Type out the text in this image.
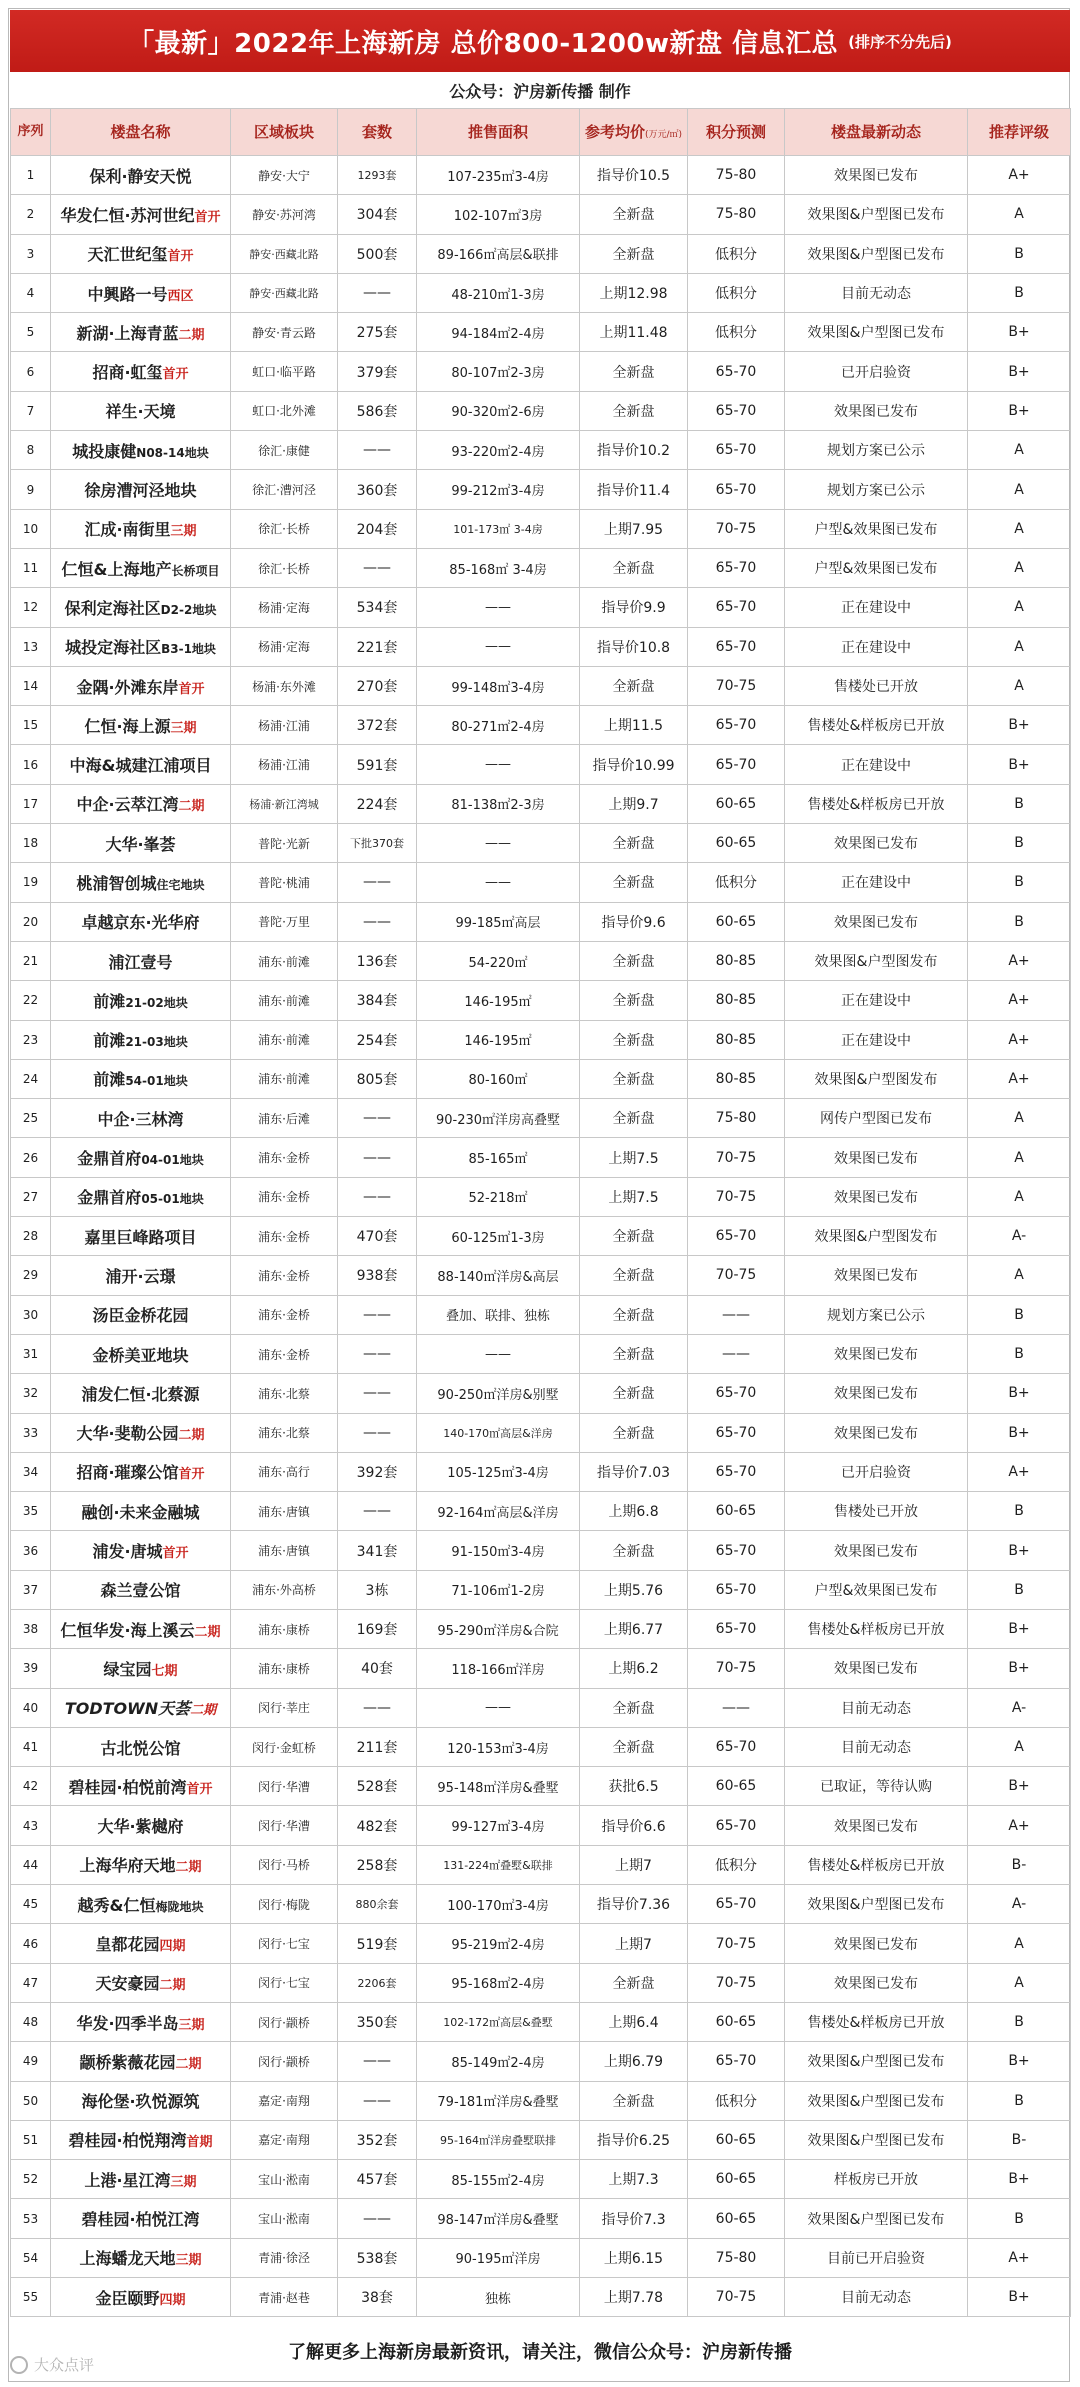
「最新」2022年上海新房 总价800-1200w新盘 信息汇总 (排序不分先后)
公众号：沪房新传播 制作
序列	楼盘名称	区域板块	套数	推售面积	参考均价(万元/㎡)	积分预测	楼盘最新动态	推荐评级
1	保利·静安天悦	静安·大宁	1293套	107-235㎡3-4房	指导价10.5	75-80	效果图已发布	A+
2	华发仁恒·苏河世纪首开	静安·苏河湾	304套	102-107㎡3房	全新盘	75-80	效果图&户型图已发布	A
3	天汇世纪玺首开	静安·西藏北路	500套	89-166㎡高层&联排	全新盘	低积分	效果图&户型图已发布	B
4	中興路一号西区	静安·西藏北路	——	48-210㎡1-3房	上期12.98	低积分	目前无动态	B
5	新湖·上海青蓝二期	静安·青云路	275套	94-184㎡2-4房	上期11.48	低积分	效果图&户型图已发布	B+
6	招商·虹玺首开	虹口·临平路	379套	80-107㎡2-3房	全新盘	65-70	已开启验资	B+
7	祥生·天境	虹口·北外滩	586套	90-320㎡2-6房	全新盘	65-70	效果图已发布	B+
8	城投康健N08-14地块	徐汇·康健	——	93-220㎡2-4房	指导价10.2	65-70	规划方案已公示	A
9	徐房漕河泾地块	徐汇·漕河泾	360套	99-212㎡3-4房	指导价11.4	65-70	规划方案已公示	A
10	汇成·南街里三期	徐汇·长桥	204套	101-173㎡ 3-4房	上期7.95	70-75	户型&效果图已发布	A
11	仁恒&上海地产长桥项目	徐汇·长桥	——	85-168㎡ 3-4房	全新盘	65-70	户型&效果图已发布	A
12	保利定海社区D2-2地块	杨浦·定海	534套	——	指导价9.9	65-70	正在建设中	A
13	城投定海社区B3-1地块	杨浦·定海	221套	——	指导价10.8	65-70	正在建设中	A
14	金隅·外滩东岸首开	杨浦·东外滩	270套	99-148㎡3-4房	全新盘	70-75	售楼处已开放	A
15	仁恒·海上源三期	杨浦·江浦	372套	80-271㎡2-4房	上期11.5	65-70	售楼处&样板房已开放	B+
16	中海&城建江浦项目	杨浦·江浦	591套	——	指导价10.99	65-70	正在建设中	B+
17	中企·云萃江湾二期	杨浦·新江湾城	224套	81-138㎡2-3房	上期9.7	60-65	售楼处&样板房已开放	B
18	大华·峯荟	普陀·光新	下批370套	——	全新盘	60-65	效果图已发布	B
19	桃浦智创城住宅地块	普陀·桃浦	——	——	全新盘	低积分	正在建设中	B
20	卓越京东·光华府	普陀·万里	——	99-185㎡高层	指导价9.6	60-65	效果图已发布	B
21	浦江壹号	浦东·前滩	136套	54-220㎡	全新盘	80-85	效果图&户型图发布	A+
22	前滩21-02地块	浦东·前滩	384套	146-195㎡	全新盘	80-85	正在建设中	A+
23	前滩21-03地块	浦东·前滩	254套	146-195㎡	全新盘	80-85	正在建设中	A+
24	前滩54-01地块	浦东·前滩	805套	80-160㎡	全新盘	80-85	效果图&户型图发布	A+
25	中企·三林湾	浦东·后滩	——	90-230㎡洋房高叠墅	全新盘	75-80	网传户型图已发布	A
26	金鼎首府04-01地块	浦东·金桥	——	85-165㎡	上期7.5	70-75	效果图已发布	A
27	金鼎首府05-01地块	浦东·金桥	——	52-218㎡	上期7.5	70-75	效果图已发布	A
28	嘉里巨峰路项目	浦东·金桥	470套	60-125㎡1-3房	全新盘	65-70	效果图&户型图发布	A-
29	浦开·云璟	浦东·金桥	938套	88-140㎡洋房&高层	全新盘	70-75	效果图已发布	A
30	汤臣金桥花园	浦东·金桥	——	叠加、联排、独栋	全新盘	——	规划方案已公示	B
31	金桥美亚地块	浦东·金桥	——	——	全新盘	——	效果图已发布	B
32	浦发仁恒·北蔡源	浦东·北蔡	——	90-250㎡洋房&别墅	全新盘	65-70	效果图已发布	B+
33	大华·斐勒公园二期	浦东·北蔡	——	140-170㎡高层&洋房	全新盘	65-70	效果图已发布	B+
34	招商·璀璨公馆首开	浦东·高行	392套	105-125㎡3-4房	指导价7.03	65-70	已开启验资	A+
35	融创·未来金融城	浦东·唐镇	——	92-164㎡高层&洋房	上期6.8	60-65	售楼处已开放	B
36	浦发·唐城首开	浦东·唐镇	341套	91-150㎡3-4房	全新盘	65-70	效果图已发布	B+
37	森兰壹公馆	浦东·外高桥	3栋	71-106㎡1-2房	上期5.76	65-70	户型&效果图已发布	B
38	仁恒华发·海上溪云二期	浦东·康桥	169套	95-290㎡洋房&合院	上期6.77	65-70	售楼处&样板房已开放	B+
39	绿宝园七期	浦东·康桥	40套	118-166㎡洋房	上期6.2	70-75	效果图已发布	B+
40	TODTOWN天荟二期	闵行·莘庄	——	——	全新盘	——	目前无动态	A-
41	古北悦公馆	闵行·金虹桥	211套	120-153㎡3-4房	全新盘	65-70	目前无动态	A
42	碧桂园·柏悦前湾首开	闵行·华漕	528套	95-148㎡洋房&叠墅	获批6.5	60-65	已取证，等待认购	B+
43	大华·紫樾府	闵行·华漕	482套	99-127㎡3-4房	指导价6.6	65-70	效果图已发布	A+
44	上海华府天地二期	闵行·马桥	258套	131-224㎡叠墅&联排	上期7	低积分	售楼处&样板房已开放	B-
45	越秀&仁恒梅陇地块	闵行·梅陇	880余套	100-170㎡3-4房	指导价7.36	65-70	效果图&户型图已发布	A-
46	皇都花园四期	闵行·七宝	519套	95-219㎡2-4房	上期7	70-75	效果图已发布	A
47	天安豪园二期	闵行·七宝	2206套	95-168㎡2-4房	全新盘	70-75	效果图已发布	A
48	华发·四季半岛三期	闵行·颛桥	350套	102-172㎡高层&叠墅	上期6.4	60-65	售楼处&样板房已开放	B
49	颛桥紫薇花园二期	闵行·颛桥	——	85-149㎡2-4房	上期6.79	65-70	效果图&户型图已发布	B+
50	海伦堡·玖悦源筑	嘉定·南翔	——	79-181㎡洋房&叠墅	全新盘	低积分	效果图&户型图已发布	B
51	碧桂园·柏悦翔湾首期	嘉定·南翔	352套	95-164㎡洋房叠墅联排	指导价6.25	60-65	效果图&户型图已发布	B-
52	上港·星江湾三期	宝山·淞南	457套	85-155㎡2-4房	上期7.3	60-65	样板房已开放	B+
53	碧桂园·柏悦江湾	宝山·淞南	——	98-147㎡洋房&叠墅	指导价7.3	60-65	效果图&户型图已发布	B
54	上海蟠龙天地三期	青浦·徐泾	538套	90-195㎡洋房	上期6.15	75-80	目前已开启验资	A+
55	金臣颐野四期	青浦·赵巷	38套	独栋	上期7.78	70-75	目前无动态	B+
了解更多上海新房最新资讯，请关注，微信公众号：沪房新传播
大众点评
